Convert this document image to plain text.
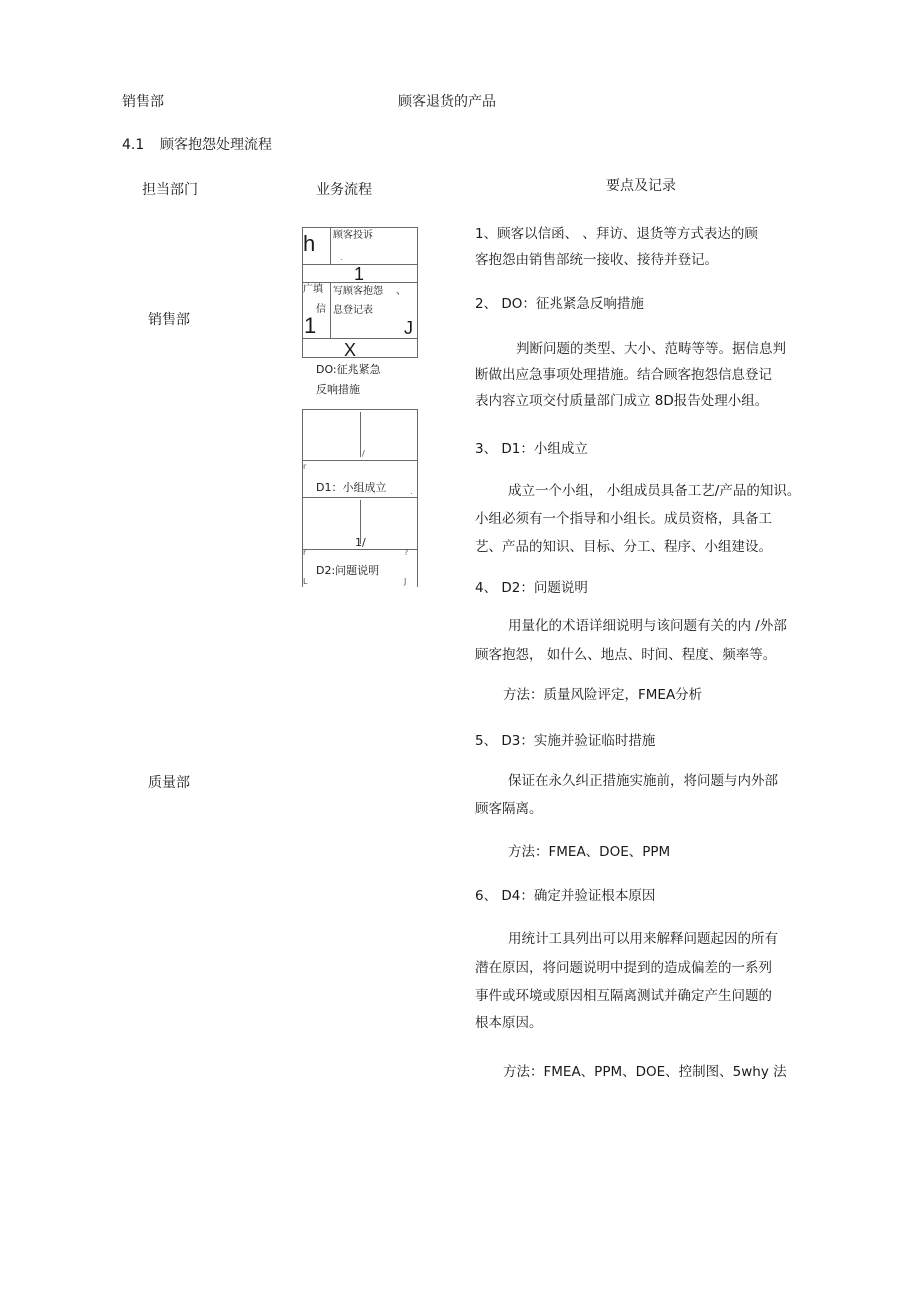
销售部	顾客退货的产品
4.1 顾客抱怨处理流程
担当部门	业务流程	要点及记录
销售部
质量部
h 顾客投诉
.
1
广填 写顾客抱怨 、
信 息登记表
1	J
X
DO:征兆紧急
反响措施
/
r
D1：小组成立	.
1/
r	?
D2:问题说明
L	J
1、顾客以信函、 、拜访、退货等方式表达的顾
客抱怨由销售部统一接收、接待并登记。
2、 DO：征兆紧急反响措施
判断问题的类型、大小、范畴等等。据信息判
断做出应急事项处理措施。结合顾客抱怨信息登记
表内容立项交付质量部门成立 8D报告处理小组。
3、 D1：小组成立
成立一个小组， 小组成员具备工艺/产品的知识。
小组必须有一个指导和小组长。成员资格，具备工
艺、产品的知识、目标、分工、程序、小组建设。
4、 D2：问题说明
用量化的术语详细说明与该问题有关的内 /外部
顾客抱怨， 如什么、地点、时间、程度、频率等。
方法：质量风险评定，FMEA分析
5、 D3：实施并验证临时措施
保证在永久纠正措施实施前，将问题与内外部
顾客隔离。
方法：FMEA、DOE、PPM
6、 D4：确定并验证根本原因
用统计工具列出可以用来解释问题起因的所有
潜在原因，将问题说明中提到的造成偏差的一系列
事件或环境或原因相互隔离测试并确定产生问题的
根本原因。
方法：FMEA、PPM、DOE、控制图、5why 法
